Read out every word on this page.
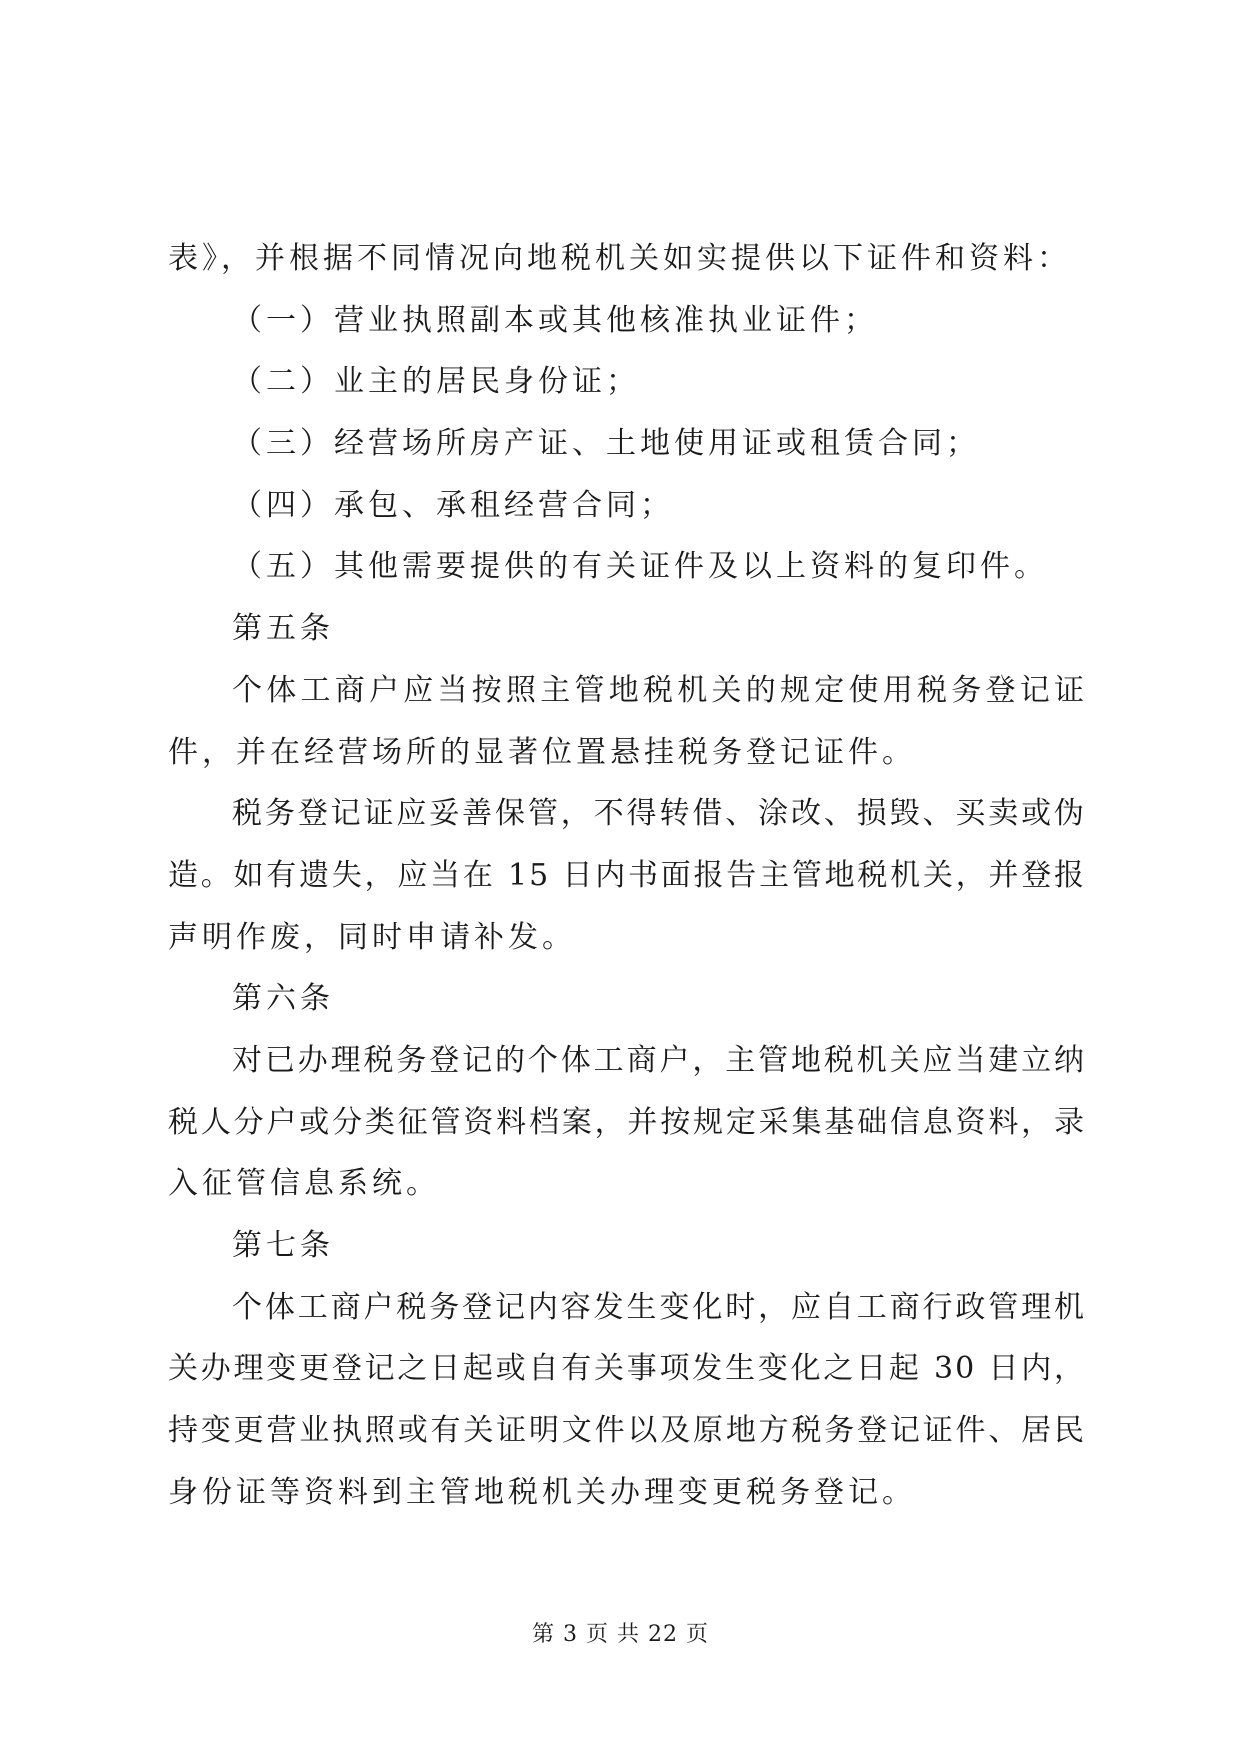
表》，并根据不同情况向地税机关如实提供以下证件和资料：
（一）营业执照副本或其他核准执业证件；
（二）业主的居民身份证；
（三）经营场所房产证、土地使用证或租赁合同；
（四）承包、承租经营合同；
（五）其他需要提供的有关证件及以上资料的复印件。
第五条
个体工商户应当按照主管地税机关的规定使用税务登记证
件，并在经营场所的显著位置悬挂税务登记证件。
税务登记证应妥善保管，不得转借、涂改、损毁、买卖或伪
造。如有遗失，应当在 15 日内书面报告主管地税机关，并登报
声明作废，同时申请补发。
第六条
对已办理税务登记的个体工商户，主管地税机关应当建立纳
税人分户或分类征管资料档案，并按规定采集基础信息资料，录
入征管信息系统。
第七条
个体工商户税务登记内容发生变化时，应自工商行政管理机
关办理变更登记之日起或自有关事项发生变化之日起 30 日内，
持变更营业执照或有关证明文件以及原地方税务登记证件、居民
身份证等资料到主管地税机关办理变更税务登记。
第 3 页 共 22 页
